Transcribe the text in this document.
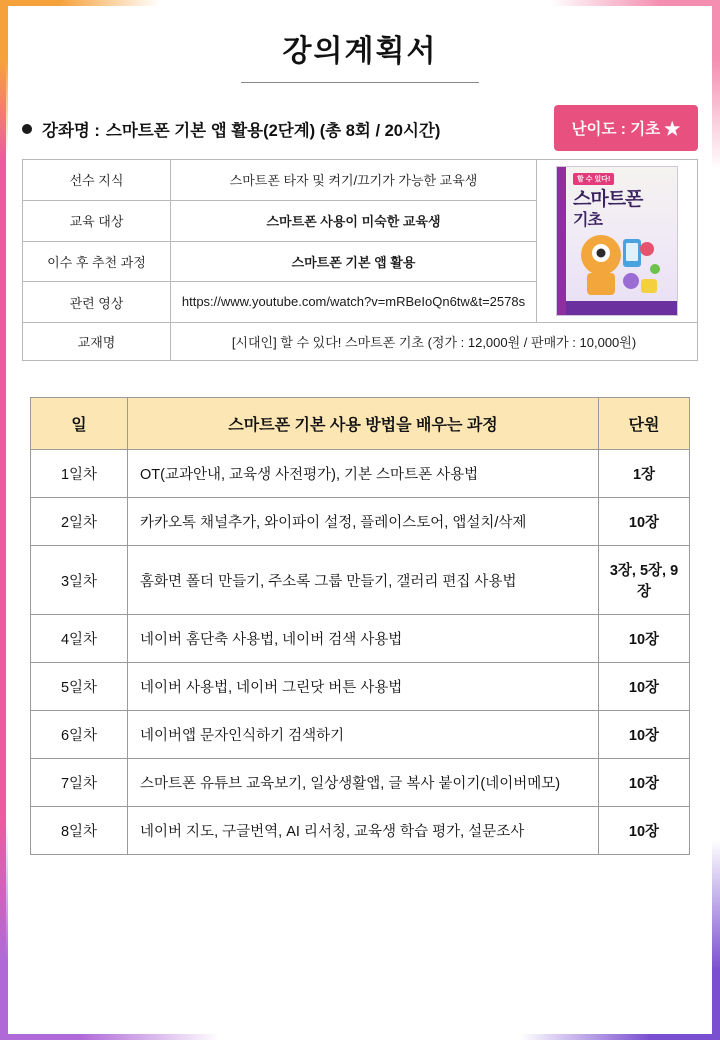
강의계획서
강좌명 : 스마트폰 기본 앱 활용(2단계) (총 8회 / 20시간)	난이도 : 기초 ★
선수 지식	스마트폰 타자 및 켜기/끄기가 가능한 교육생	할 수 있다!
스마트폰
기초

교육 대상	스마트폰 사용이 미숙한 교육생	
이수 후 추천 과정	스마트폰 기본 앱 활용	
관련 영상	https://www.youtube.com/watch?v=mRBeIoQn6tw&t=2578s	
교재명	[시대인] 할 수 있다! 스마트폰 기초 (정가 : 12,000원 / 판매가 : 10,000원)	
일	스마트폰 기본 사용 방법을 배우는 과정	단원
1일차	OT(교과안내, 교육생 사전평가), 기본 스마트폰 사용법	1장
2일차	카카오톡 채널추가, 와이파이 설정, 플레이스토어, 앱설치/삭제	10장
3일차	홈화면 폴더 만들기, 주소록 그룹 만들기, 갤러리 편집 사용법	3장, 5장, 9장
4일차	네이버 홈단축 사용법, 네이버 검색 사용법	10장
5일차	네이버 사용법, 네이버 그린닷 버튼 사용법	10장
6일차	네이버앱 문자인식하기 검색하기	10장
7일차	스마트폰 유튜브 교육보기, 일상생활앱, 글 복사 붙이기(네이버메모)	10장
8일차	네이버 지도, 구글번역, AI 리서칭, 교육생 학습 평가, 설문조사	10장
